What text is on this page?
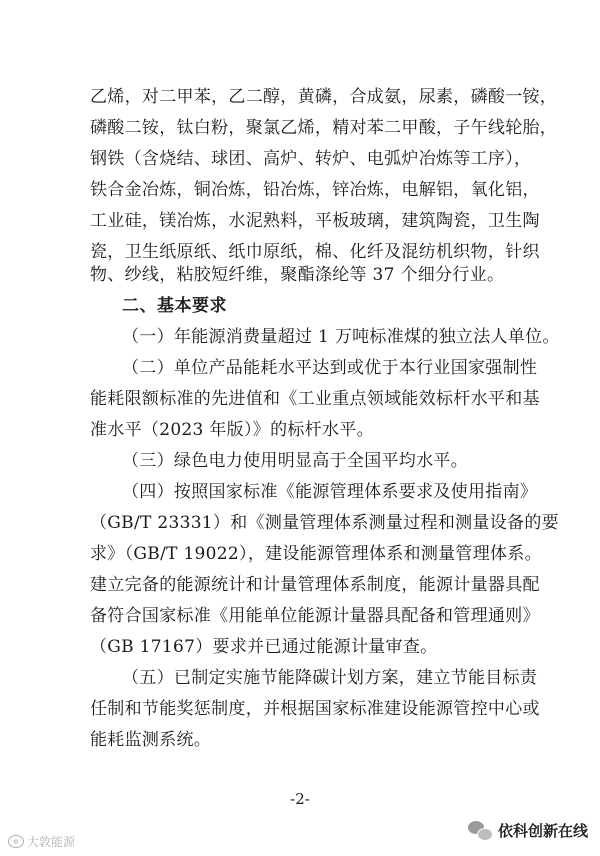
乙烯，对二甲苯，乙二醇，黄磷，合成氨，尿素，磷酸一铵，
磷酸二铵，钛白粉，聚氯乙烯，精对苯二甲酸，子午线轮胎，
钢铁（含烧结、球团、高炉、转炉、电弧炉冶炼等工序），
铁合金冶炼，铜冶炼，铅冶炼，锌冶炼，电解铝，氧化铝，
工业硅，镁冶炼，水泥熟料，平板玻璃，建筑陶瓷，卫生陶
瓷，卫生纸原纸、纸巾原纸，棉、化纤及混纺机织物，针织
物、纱线，粘胶短纤维，聚酯涤纶等 37 个细分行业。
二、基本要求
（一）年能源消费量超过 1 万吨标准煤的独立法人单位。
（二）单位产品能耗水平达到或优于本行业国家强制性
能耗限额标准的先进值和《工业重点领域能效标杆水平和基
准水平（2023 年版）》的标杆水平。
（三）绿色电力使用明显高于全国平均水平。
（四）按照国家标准《能源管理体系要求及使用指南》
（GB/T 23331）和《测量管理体系测量过程和测量设备的要
求》（GB/T 19022），建设能源管理体系和测量管理体系。
建立完备的能源统计和计量管理体系制度，能源计量器具配
备符合国家标准《用能单位能源计量器具配备和管理通则》
（GB 17167）要求并已通过能源计量审查。
（五）已制定实施节能降碳计划方案，建立节能目标责
任制和节能奖惩制度，并根据国家标准建设能源管控中心或
能耗监测系统。
-2-
e 大敦能源
依科创新在线
